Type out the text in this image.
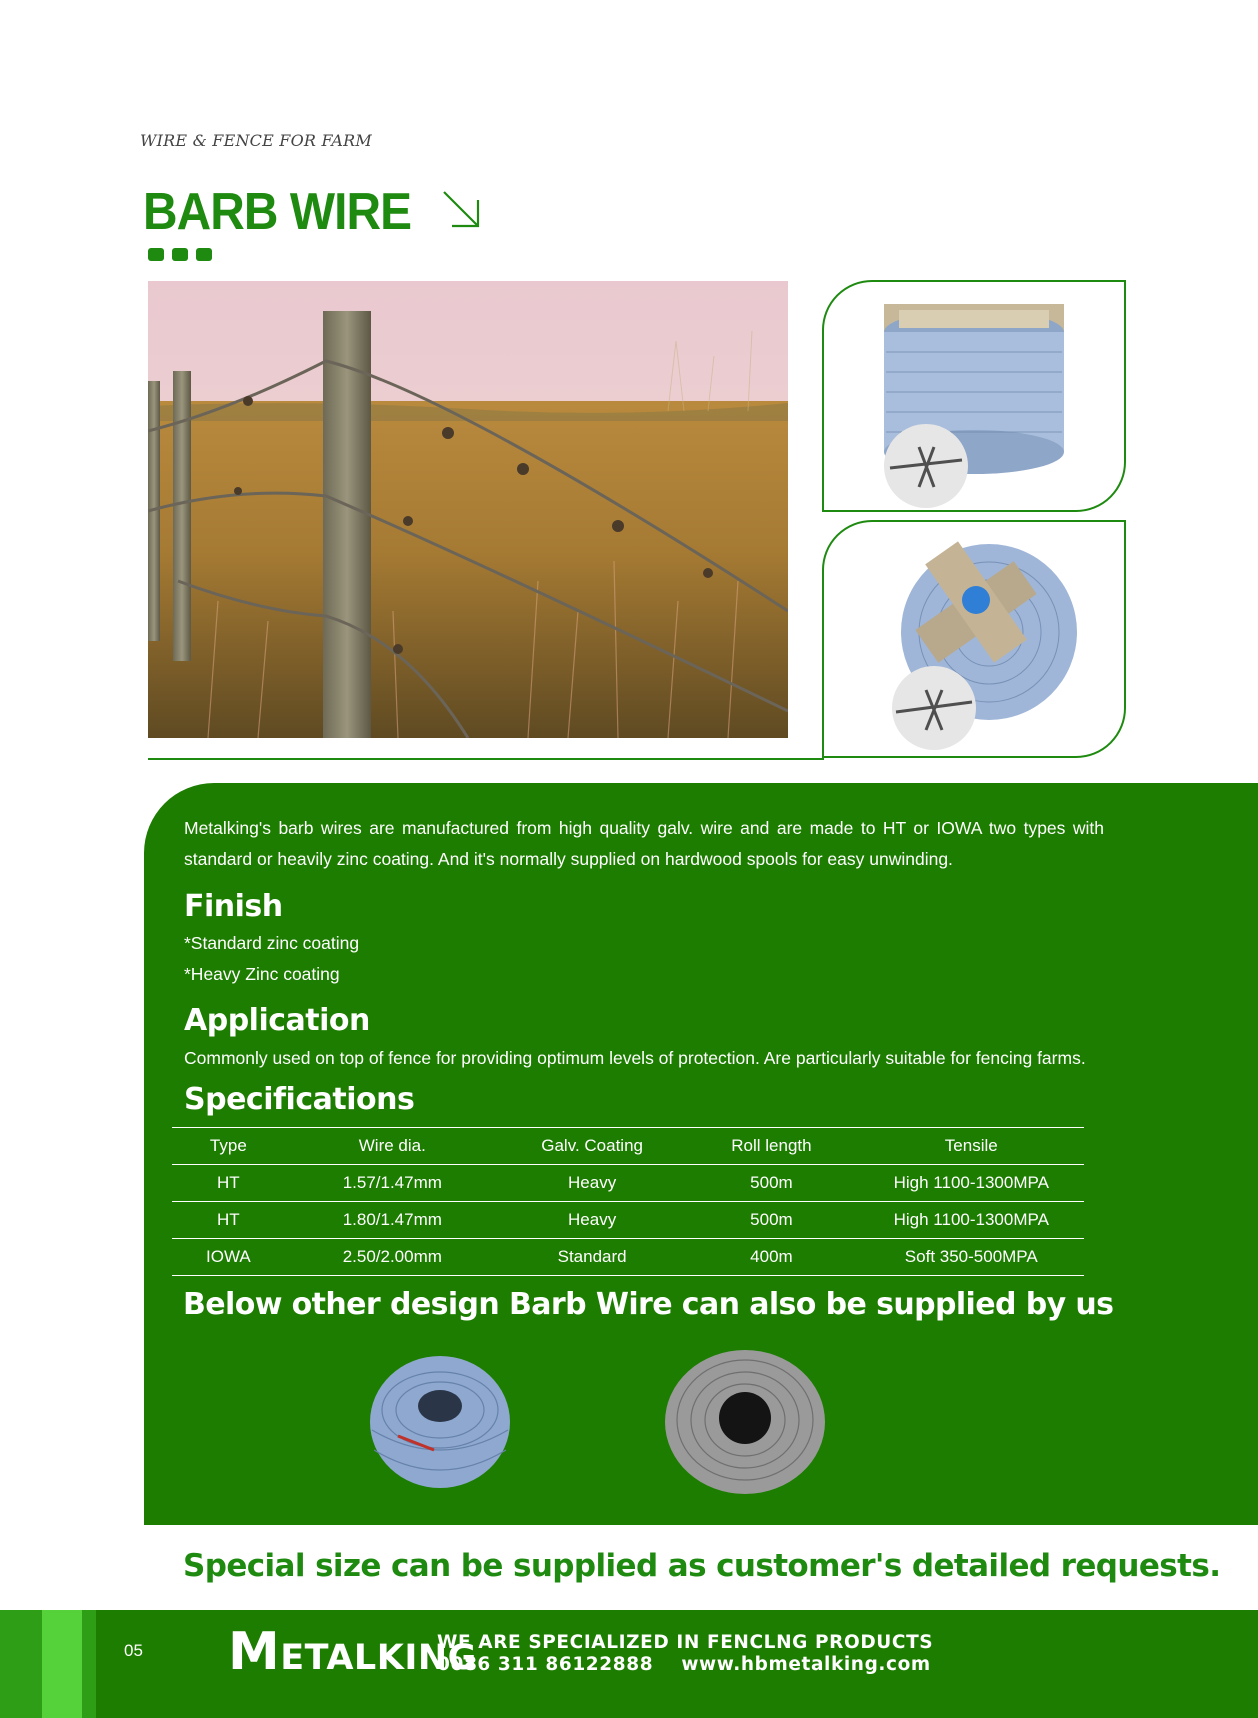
WIRE & FENCE FOR FARM
BARB WIRE

Metalking's barb wires are manufactured from high quality galv. wire and are made to HT or IOWA two types with standard or heavily zinc coating. And it's normally supplied on hardwood spools for easy unwinding.

Finish
*Standard zinc coating
*Heavy Zinc coating
Application
Commonly used on top of fence for providing optimum levels of protection. Are particularly suitable for fencing farms.
Specifications
Type	Wire dia.	Galv. Coating	Roll length	Tensile
HT	1.57/1.47mm	Heavy	500m	High 1100-1300MPA
HT	1.80/1.47mm	Heavy	500m	High 1100-1300MPA
IOWA	2.50/2.00mm	Standard	400m	Soft 350-500MPA
Below other design Barb Wire can also be supplied by us
Special size can be supplied as customer's detailed requests.
05 METALKING
WE ARE SPECIALIZED IN FENCLNG PRODUCTS
0086 311 86122888 www.hbmetalking.com
